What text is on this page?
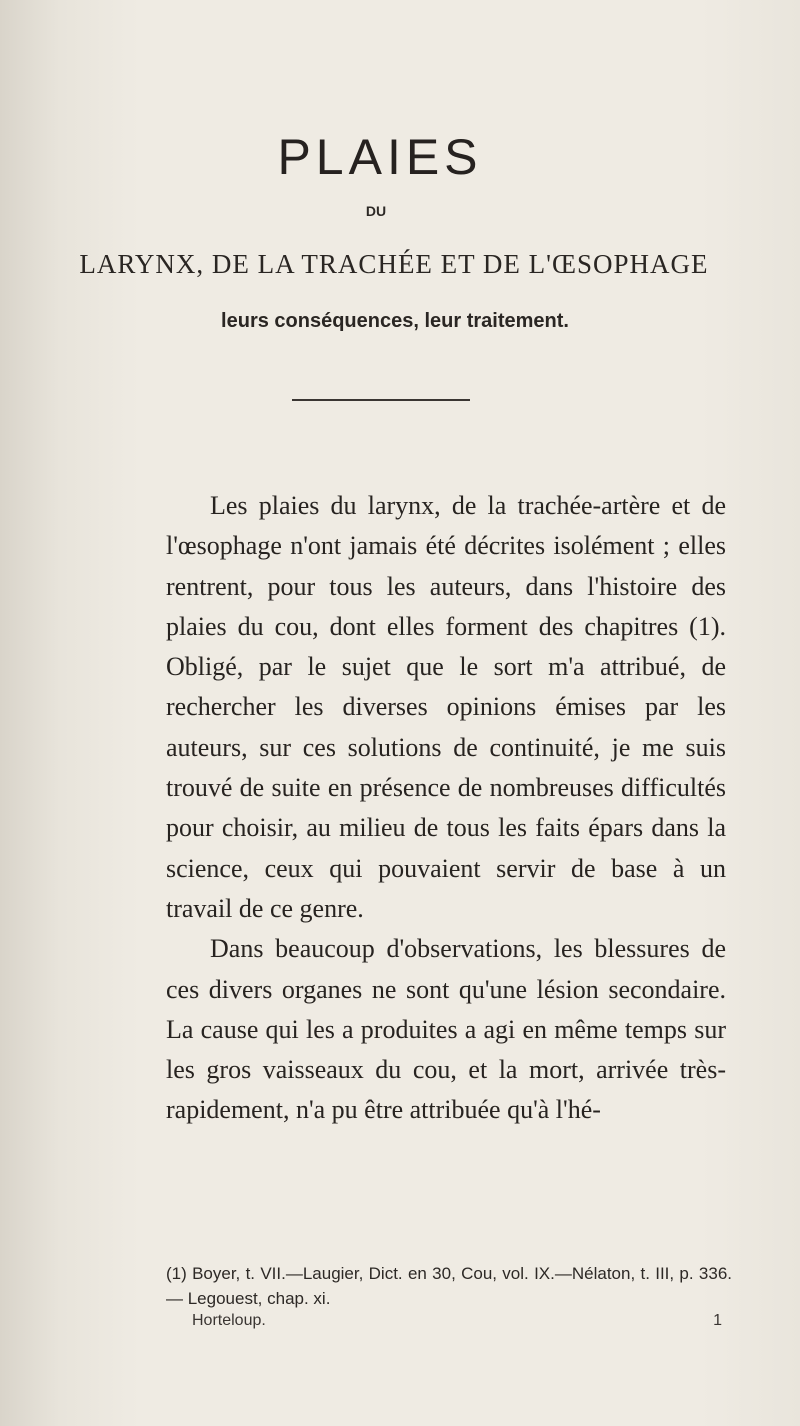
PLAIES
DU
LARYNX, DE LA TRACHÉE ET DE L'ŒSOPHAGE
leurs conséquences, leur traitement.

Les plaies du larynx, de la trachée-artère et de l'œsophage n'ont jamais été décrites isolément ; elles rentrent, pour tous les auteurs, dans l'histoire des plaies du cou, dont elles forment des chapitres (1). Obligé, par le sujet que le sort m'a attribué, de rechercher les diverses opinions émises par les auteurs, sur ces solutions de continuité, je me suis trouvé de suite en présence de nombreuses difficultés pour choisir, au milieu de tous les faits épars dans la science, ceux qui pouvaient servir de base à un travail de ce genre.

Dans beaucoup d'observations, les blessures de ces divers organes ne sont qu'une lésion secondaire. La cause qui les a produites a agi en même temps sur les gros vaisseaux du cou, et la mort, arrivée très-rapidement, n'a pu être attribuée qu'à l'hé-

(1) Boyer, t. VII.—Laugier, Dict. en 30, Cou, vol. IX.—Nélaton, t. III, p. 336. — Legouest, chap. xi.
Horteloup.	1
